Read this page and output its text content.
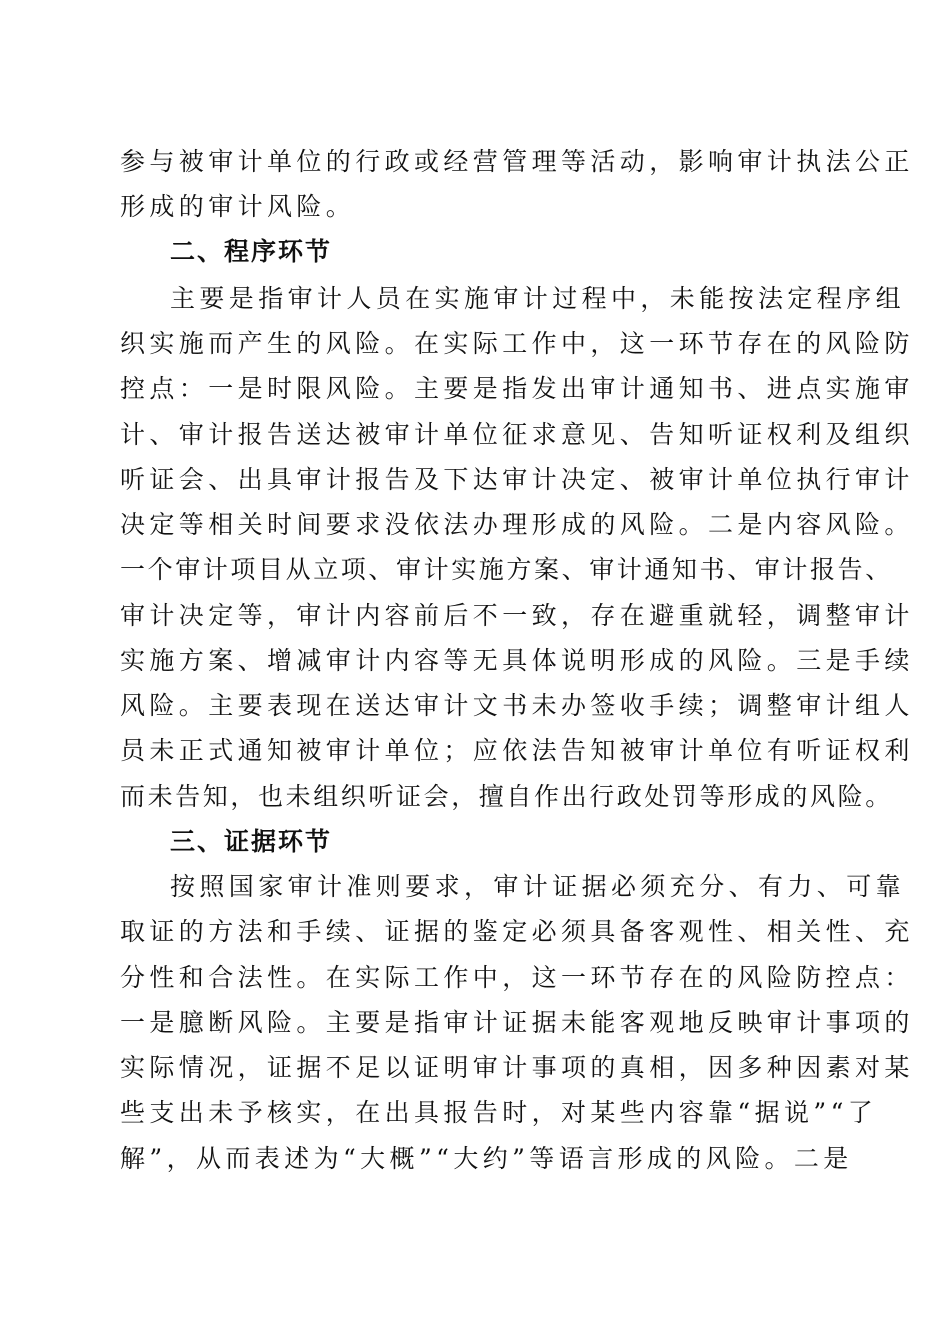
参与被审计单位的行政或经营管理等活动，影响审计执法公正
形成的审计风险。
二、程序环节
主要是指审计人员在实施审计过程中，未能按法定程序组
织实施而产生的风险。在实际工作中，这一环节存在的风险防
控点：一是时限风险。主要是指发出审计通知书、进点实施审
计、审计报告送达被审计单位征求意见、告知听证权利及组织
听证会、出具审计报告及下达审计决定、被审计单位执行审计
决定等相关时间要求没依法办理形成的风险。二是内容风险。
一个审计项目从立项、审计实施方案、审计通知书、审计报告、
审计决定等，审计内容前后不一致，存在避重就轻，调整审计
实施方案、增减审计内容等无具体说明形成的风险。三是手续
风险。主要表现在送达审计文书未办签收手续；调整审计组人
员未正式通知被审计单位；应依法告知被审计单位有听证权利
而未告知，也未组织听证会，擅自作出行政处罚等形成的风险。
三、证据环节
按照国家审计准则要求，审计证据必须充分、有力、可靠
取证的方法和手续、证据的鉴定必须具备客观性、相关性、充
分性和合法性。在实际工作中，这一环节存在的风险防控点：
一是臆断风险。主要是指审计证据未能客观地反映审计事项的
实际情况，证据不足以证明审计事项的真相，因多种因素对某
些支出未予核实，在出具报告时，对某些内容靠“据说”“了
解”，从而表述为“大概”“大约”等语言形成的风险。二是
